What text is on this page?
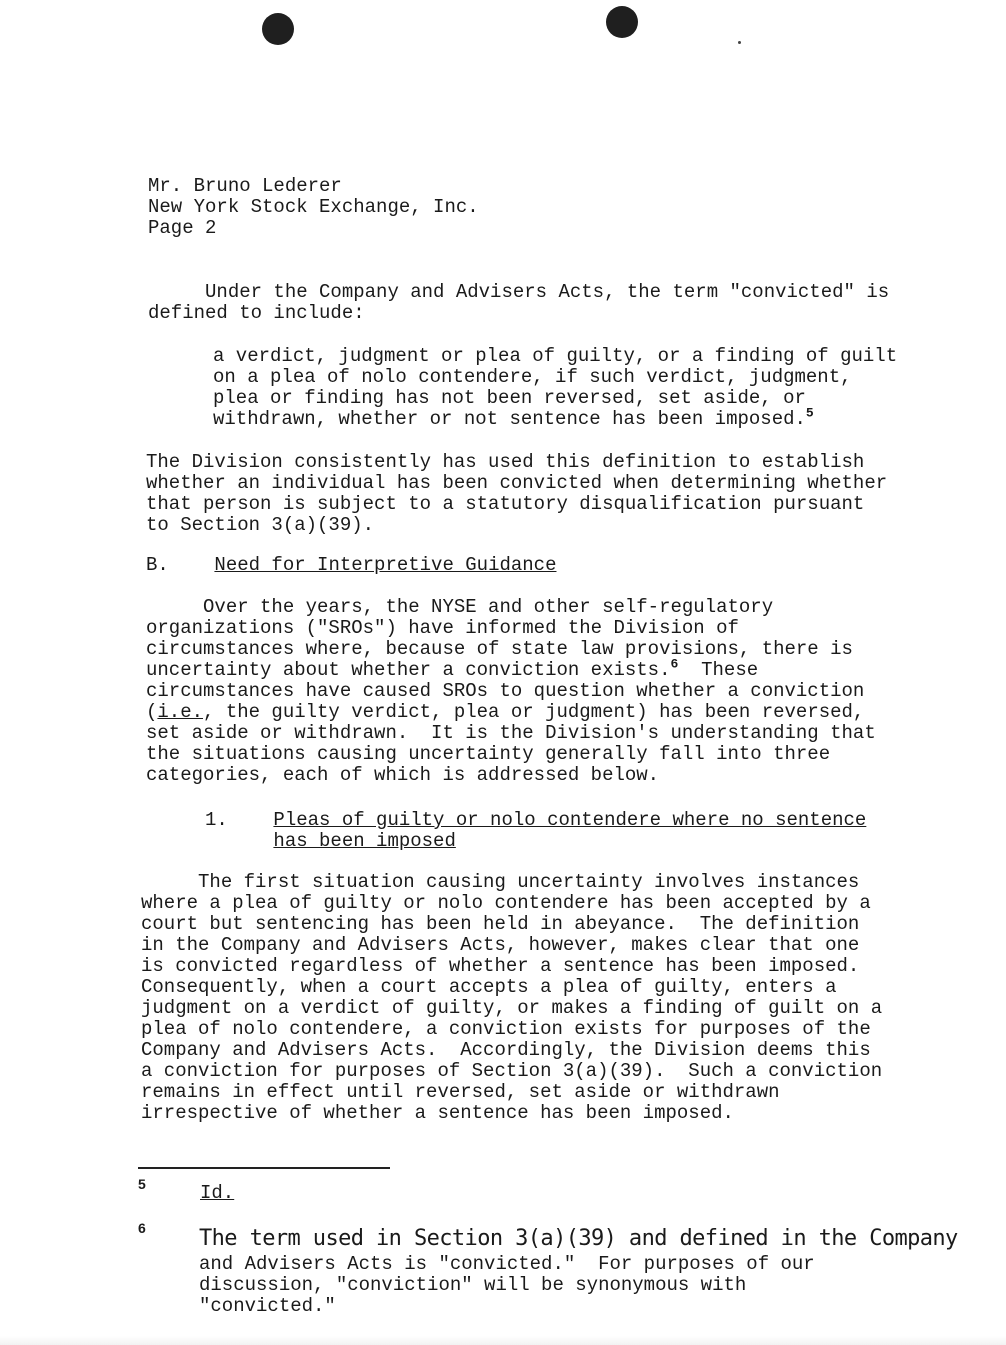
Mr. Bruno Lederer
New York Stock Exchange, Inc.
Page 2
Under the Company and Advisers Acts, the term "convicted" is
defined to include:
a verdict, judgment or plea of guilty, or a finding of guilt
on a plea of nolo contendere, if such verdict, judgment,
plea or finding has not been reversed, set aside, or
withdrawn, whether or not sentence has been imposed.$^5$
The Division consistently has used this definition to establish
whether an individual has been convicted when determining whether
that person is subject to a statutory disqualification pursuant
to Section 3(a)(39).
B. Need for Interpretive Guidance
Over the years, the NYSE and other self-regulatory
organizations ("SROs") have informed the Division of
circumstances where, because of state law provisions, there is
uncertainty about whether a conviction exists.$^6$  These
circumstances have caused SROs to question whether a conviction
(i.e., the guilty verdict, plea or judgment) has been reversed,
set aside or withdrawn.  It is the Division's understanding that
the situations causing uncertainty generally fall into three
categories, each of which is addressed below.
1. Pleas of guilty or nolo contendere where no sentence
has been imposed
The first situation causing uncertainty involves instances
where a plea of guilty or nolo contendere has been accepted by a
court but sentencing has been held in abeyance.  The definition
in the Company and Advisers Acts, however, makes clear that one
is convicted regardless of whether a sentence has been imposed.
Consequently, when a court accepts a plea of guilty, enters a
judgment on a verdict of guilty, or makes a finding of guilt on a
plea of nolo contendere, a conviction exists for purposes of the
Company and Advisers Acts.  Accordingly, the Division deems this
a conviction for purposes of Section 3(a)(39).  Such a conviction
remains in effect until reversed, set aside or withdrawn
irrespective of whether a sentence has been imposed.
5	Id.
6 The term used in Section 3(a)(39) and defined in the Company
and Advisers Acts is "convicted."  For purposes of our
discussion, "conviction" will be synonymous with
"convicted."
